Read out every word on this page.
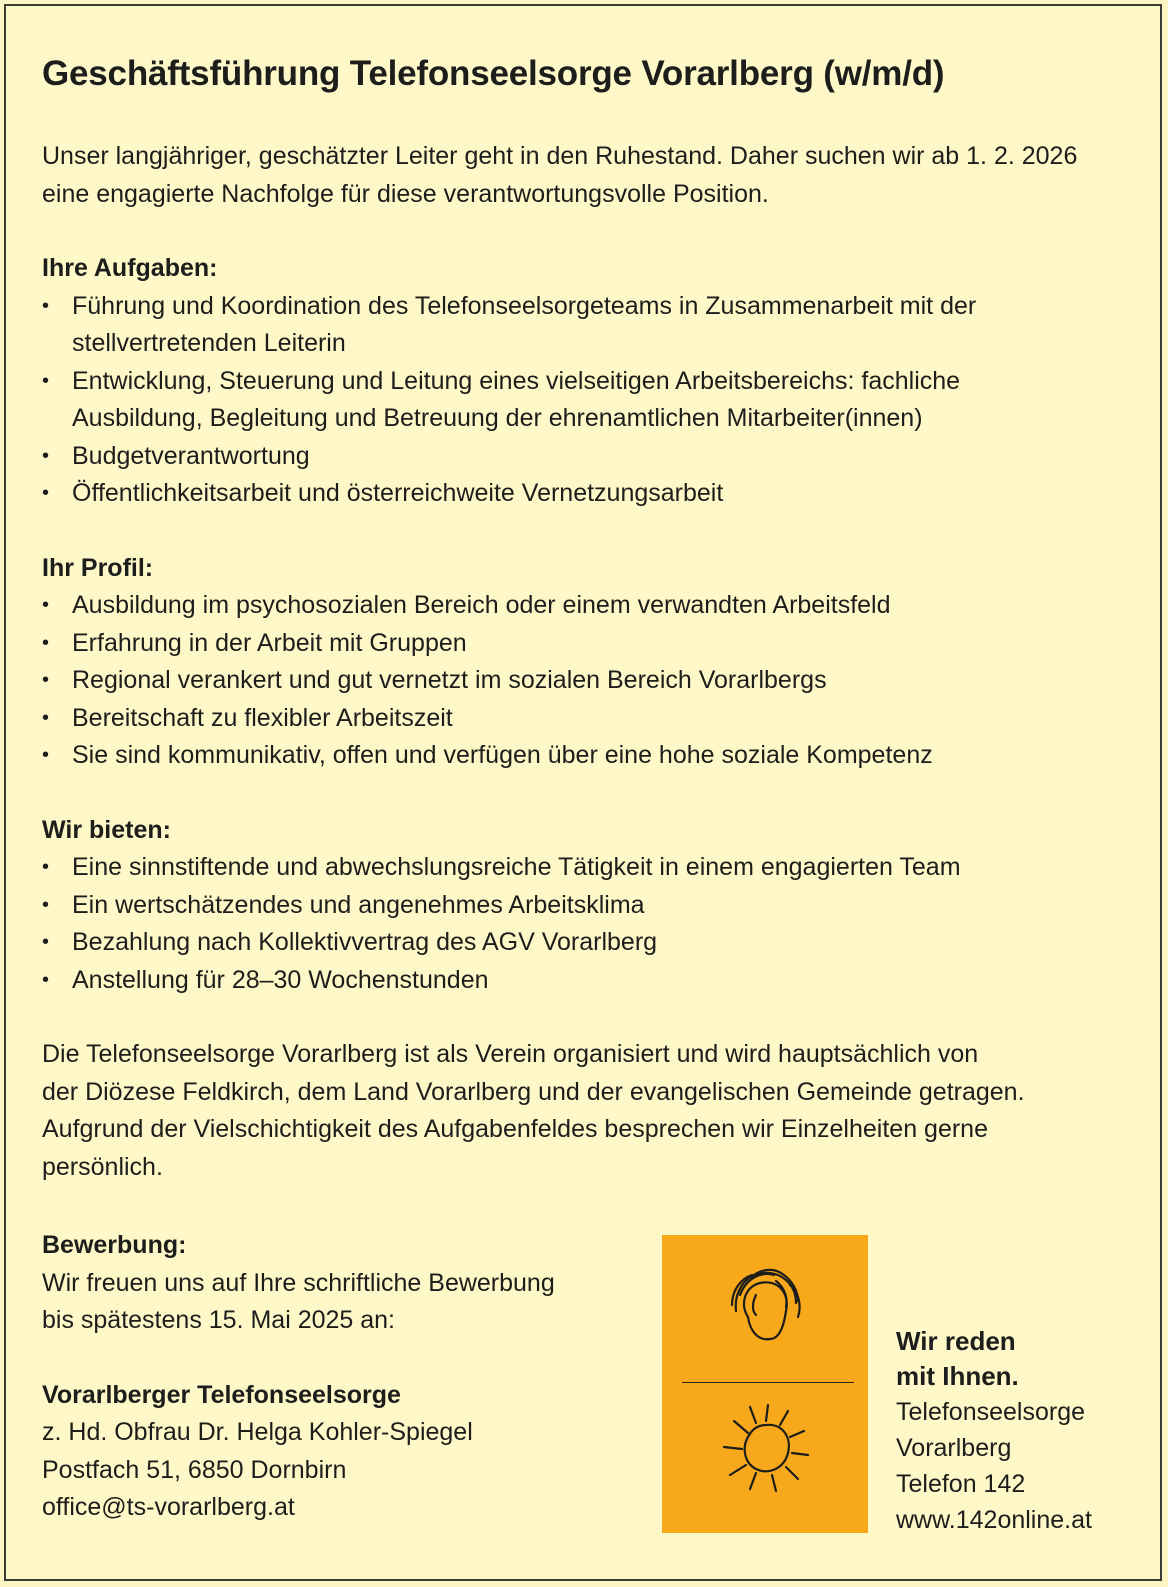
Geschäftsführung Telefonseelsorge Vorarlberg (w/m/d)

Unser langjähriger, geschätzter Leiter geht in den Ruhestand. Daher suchen wir ab 1. 2. 2026

eine engagierte Nachfolge für diese verantwortungsvolle Position.

Ihre Aufgaben:
• Führung und Koordination des Telefonseelsorgeteams in Zusammenarbeit mit der stellvertretenden Leiterin
• Entwicklung, Steuerung und Leitung eines vielseitigen Arbeitsbereichs: fachliche Ausbildung, Begleitung und Betreuung der ehrenamtlichen Mitarbeiter(innen)
• Budgetverantwortung
• Öffentlichkeitsarbeit und österreichweite Vernetzungsarbeit
Ihr Profil:
• Ausbildung im psychosozialen Bereich oder einem verwandten Arbeitsfeld
• Erfahrung in der Arbeit mit Gruppen
• Regional verankert und gut vernetzt im sozialen Bereich Vorarlbergs
• Bereitschaft zu flexibler Arbeitszeit
• Sie sind kommunikativ, offen und verfügen über eine hohe soziale Kompetenz
Wir bieten:
• Eine sinnstiftende und abwechslungsreiche Tätigkeit in einem engagierten Team
• Ein wertschätzendes und angenehmes Arbeitsklima
• Bezahlung nach Kollektivvertrag des AGV Vorarlberg
• Anstellung für 28–30 Wochenstunden

Die Telefonseelsorge Vorarlberg ist als Verein organisiert und wird hauptsächlich von

der Diözese Feldkirch, dem Land Vorarlberg und der evangelischen Gemeinde getragen.

Aufgrund der Vielschichtigkeit des Aufgabenfeldes besprechen wir Einzelheiten gerne

persönlich.

Bewerbung:

Wir freuen uns auf Ihre schriftliche Bewerbung

bis spätestens 15. Mai 2025 an:

Vorarlberger Telefonseelsorge

z. Hd. Obfrau Dr. Helga Kohler-Spiegel

Postfach 51, 6850 Dornbirn

office@ts-vorarlberg.at

Wir reden
mit Ihnen.
Telefonseelsorge
Vorarlberg
Telefon 142
www.142online.at
